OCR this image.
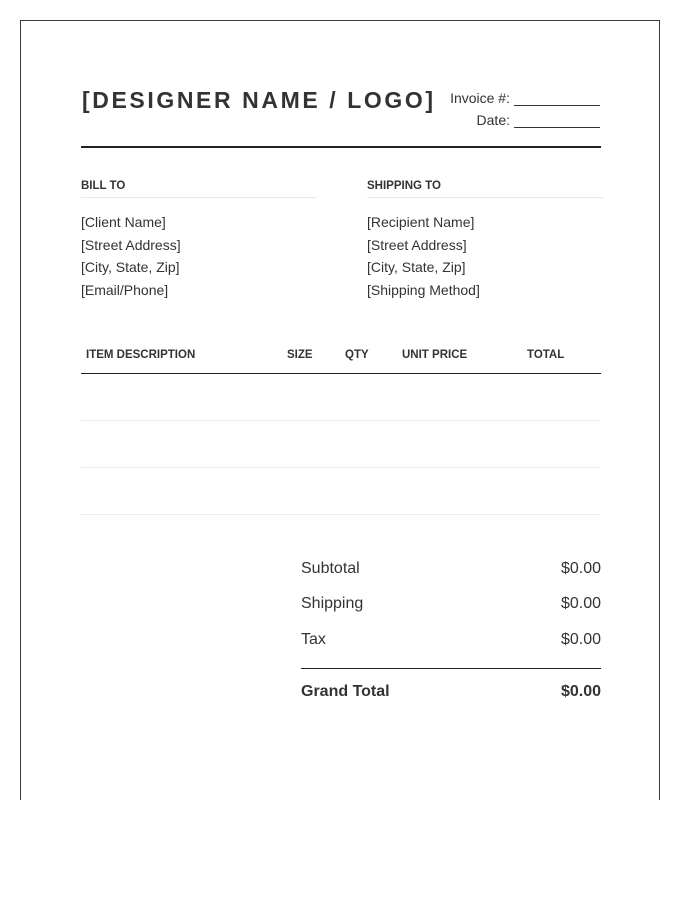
[DESIGNER NAME / LOGO] Invoice #:
Date:
BILL TO
[Client Name]
[Street Address]
[City, State, Zip]
[Email/Phone]
SHIPPING TO
[Recipient Name]
[Street Address]
[City, State, Zip]
[Shipping Method]
ITEM DESCRIPTION	SIZE	QTY	UNIT PRICE	TOTAL
Subtotal	$0.00
Shipping	$0.00
Tax	$0.00
Grand Total	$0.00
